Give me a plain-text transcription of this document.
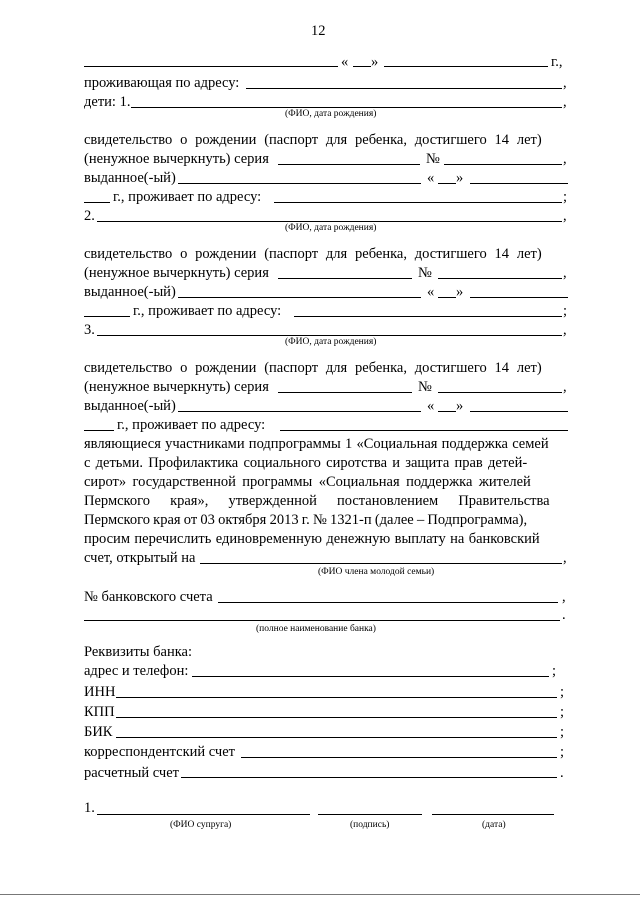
12
« »	г.,
проживающая по адресу:	,
дети: 1.	,
(ФИО, дата рождения)
свидетельство о рождении (паспорт для ребенка, достигшего 14 лет)
(ненужное вычеркнуть) серия	№	,
выданное(-ый)	« »
г., проживает по адресу:	;
2.	,
(ФИО, дата рождения)
свидетельство о рождении (паспорт для ребенка, достигшего 14 лет)
(ненужное вычеркнуть) серия	№	,
выданное(-ый)	« »
г., проживает по адресу:	;
3.	,
(ФИО, дата рождения)
свидетельство о рождении (паспорт для ребенка, достигшего 14 лет)
(ненужное вычеркнуть) серия	№	,
выданное(-ый)	« »
г., проживает по адресу:
являющиеся участниками подпрограммы 1 «Социальная поддержка семей
с детьми. Профилактика социального сиротства и защита прав детей-
сирот» государственной программы «Социальная поддержка жителей
Пермского края», утвержденной постановлением Правительства
Пермского края от 03 октября 2013 г. № 1321-п (далее – Подпрограмма),
просим перечислить единовременную денежную выплату на банковский
счет, открытый на	,
(ФИО члена молодой семьи)
№ банковского счета	,
.
(полное наименование банка)
Реквизиты банка:
адрес и телефон:	;
ИНН	;
КПП	;
БИК	;
корреспондентский счет	;
расчетный счет	.
1.
(ФИО супруга)	(подпись)	(дата)
